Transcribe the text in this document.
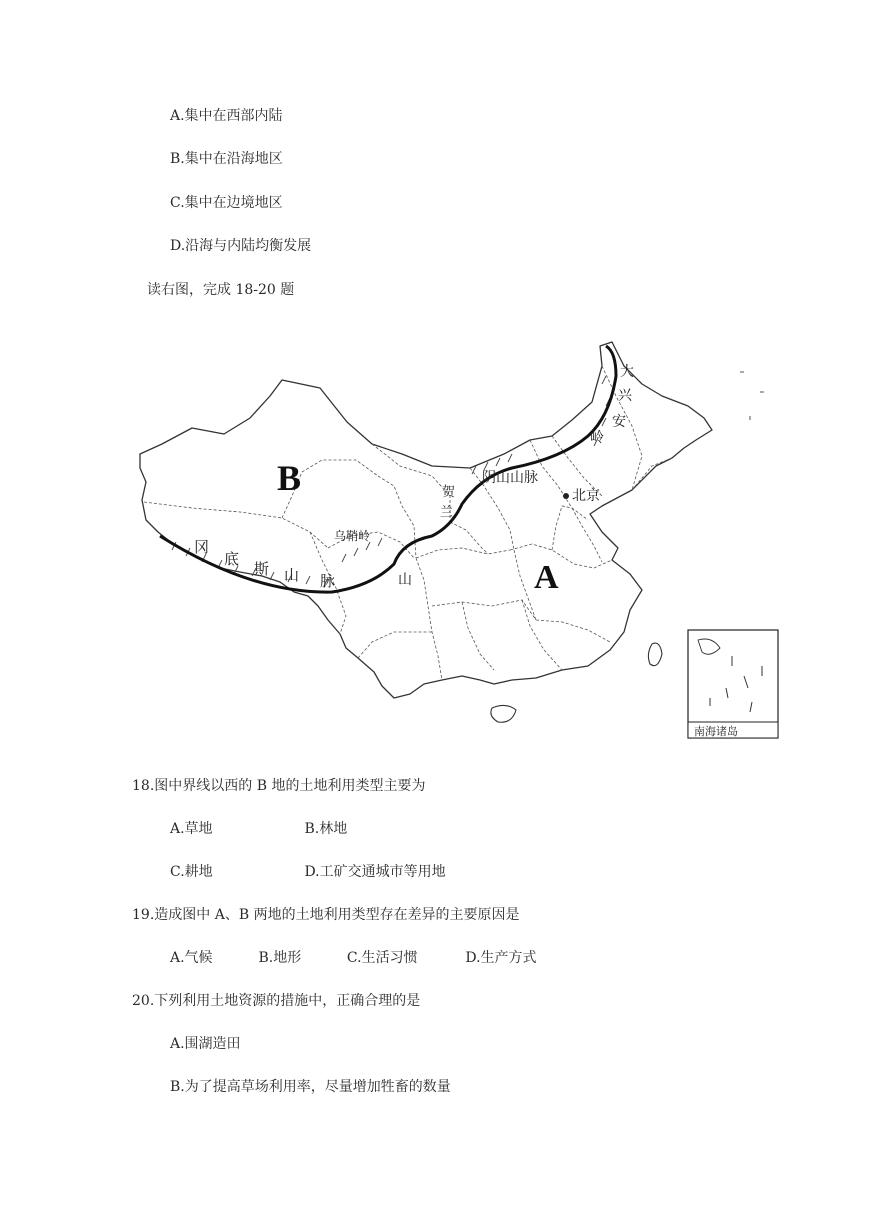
A.集中在西部内陆
B.集中在沿海地区
C.集中在边境地区
D.沿海与内陆均衡发展
读右图，完成 18-20 题
B
A
大
兴
安
岭
阴山山脉
贺
兰
乌鞘岭
冈
底
斯 山 脉	山
北京
南海诸岛
18.图中界线以西的 B 地的土地利用类型主要为
A.草地	B.林地
C.耕地	D.工矿交通城市等用地
19.造成图中 A、B 两地的土地利用类型存在差异的主要原因是
A.气候	B.地形	C.生活习惯	D.生产方式
20.下列利用土地资源的措施中，正确合理的是
A.围湖造田
B.为了提高草场利用率，尽量增加牲畜的数量
